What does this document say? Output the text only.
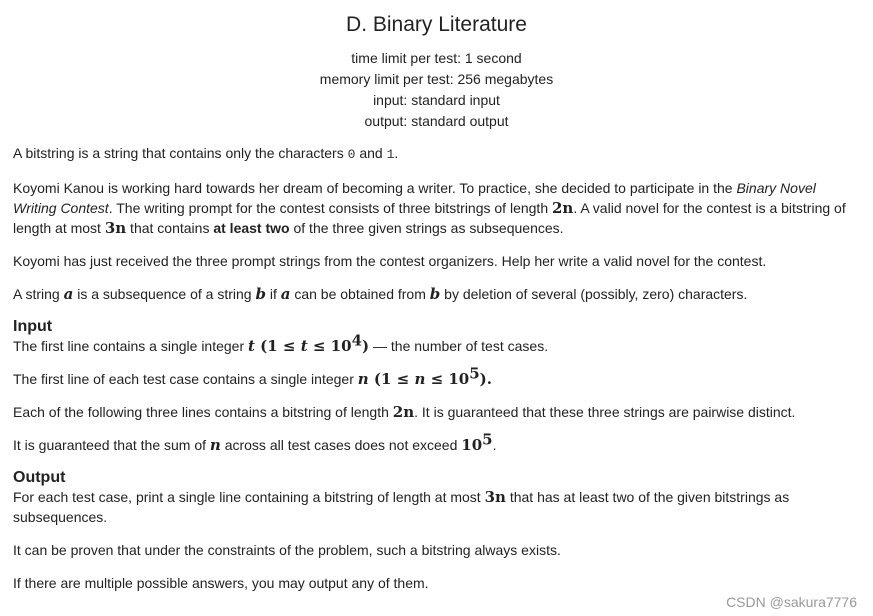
D. Binary Literature
time limit per test: 1 second
memory limit per test: 256 megabytes
input: standard input
output: standard output

A bitstring is a string that contains only the characters 0 and 1.

Koyomi Kanou is working hard towards her dream of becoming a writer. To practice, she decided to participate in the Binary Novel Writing Contest. The writing prompt for the contest consists of three bitstrings of length 2n. A valid novel for the contest is a bitstring of length at most 3n that contains at least two of the three given strings as subsequences.

Koyomi has just received the three prompt strings from the contest organizers. Help her write a valid novel for the contest.

A string a is a subsequence of a string b if a can be obtained from b by deletion of several (possibly, zero) characters.

Input

The first line contains a single integer t $(1 \le t \le 10^4)$ — the number of test cases.

The first line of each test case contains a single integer n $(1 \le n \le 10^5)$.

Each of the following three lines contains a bitstring of length 2n. It is guaranteed that these three strings are pairwise distinct.

It is guaranteed that the sum of n across all test cases does not exceed $10^5$.

Output

For each test case, print a single line containing a bitstring of length at most 3n that has at least two of the given bitstrings as subsequences.

It can be proven that under the constraints of the problem, such a bitstring always exists.

If there are multiple possible answers, you may output any of them.

CSDN @sakura7776
